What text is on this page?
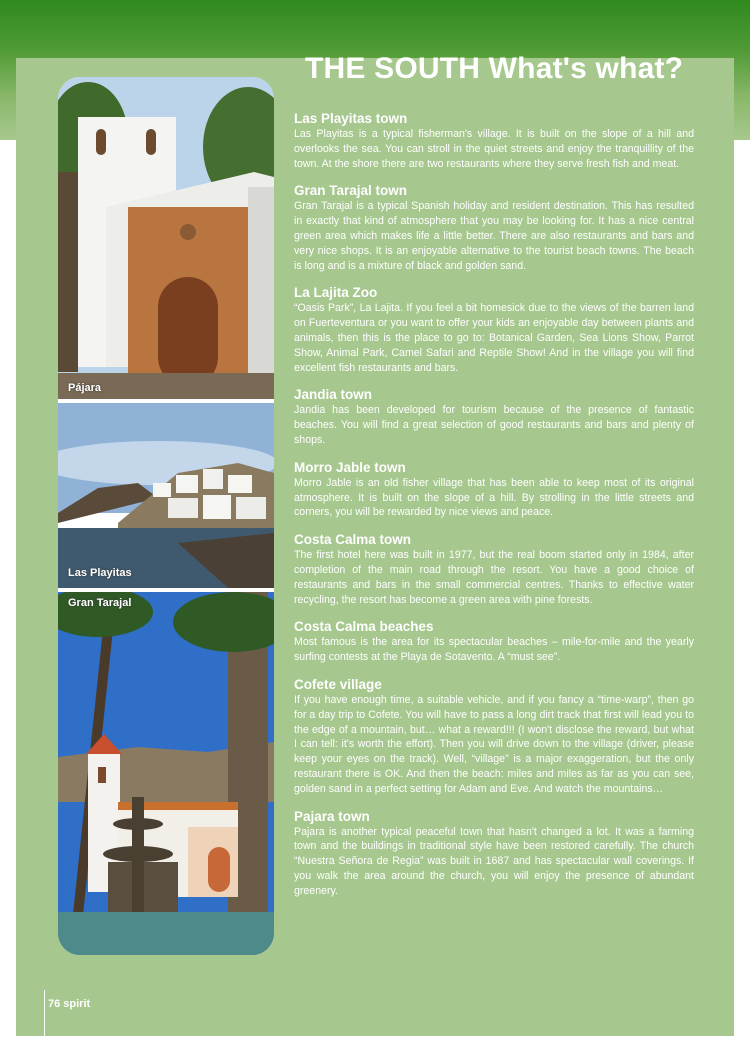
THE SOUTH What's what?
Pájara
Las Playitas
Gran Tarajal
Las Playitas town
Las Playitas is a typical fisherman's village. It is built on the slope of a hill and overlooks the sea. You can stroll in the quiet streets and enjoy the tranquillity of the town. At the shore there are two restaurants where they serve fresh fish and meat.
Gran Tarajal town
Gran Tarajal is a typical Spanish holiday and resident destination. This has resulted in exactly that kind of atmosphere that you may be looking for. It has a nice central green area which makes life a little better. There are also restaurants and bars and very nice shops. It is an enjoyable alternative to the tourist beach towns. The beach is long and is a mixture of black and golden sand.
La Lajita Zoo
“Oasis Park”, La Lajita. If you feel a bit homesick due to the views of the barren land on Fuerteventura or you want to offer your kids an enjoyable day between plants and animals, then this is the place to go to: Botanical Garden, Sea Lions Show, Parrot Show, Animal Park, Camel Safari and Reptile Show! And in the village you will find excellent fish restaurants and bars.
Jandia town
Jandia has been developed for tourism because of the presence of fantastic beaches. You will find a great selection of good restaurants and bars and plenty of shops.
Morro Jable town
Morro Jable is an old fisher village that has been able to keep most of its original atmosphere. It is built on the slope of a hill. By strolling in the little streets and corners, you will be rewarded by nice views and peace.
Costa Calma town
The first hotel here was built in 1977, but the real boom started only in 1984, after completion of the main road through the resort. You have a good choice of restaurants and bars in the small commercial centres. Thanks to effective water recycling, the resort has become a green area with pine forests.
Costa Calma beaches
Most famous is the area for its spectacular beaches – mile-for-mile and the yearly surfing contests at the Playa de Sotavento. A “must see”.
Cofete village
If you have enough time, a suitable vehicle, and if you fancy a “time-warp”, then go for a day trip to Cofete. You will have to pass a long dirt track that first will lead you to the edge of a mountain, but… what a reward!!! (I won't disclose the reward, but what I can tell: it's worth the effort). Then you will drive down to the village (driver, please keep your eyes on the track). Well, “village” is a major exaggeration, but the only restaurant there is OK. And then the beach: miles and miles as far as you can see, golden sand in a perfect setting for Adam and Eve. And watch the mountains…
Pajara town
Pajara is another typical peaceful town that hasn't changed a lot. It was a farming town and the buildings in traditional style have been restored carefully. The church “Nuestra Señora de Regia” was built in 1687 and has spectacular wall coverings. If you walk the area around the church, you will enjoy the presence of abundant greenery.
76 spirit
